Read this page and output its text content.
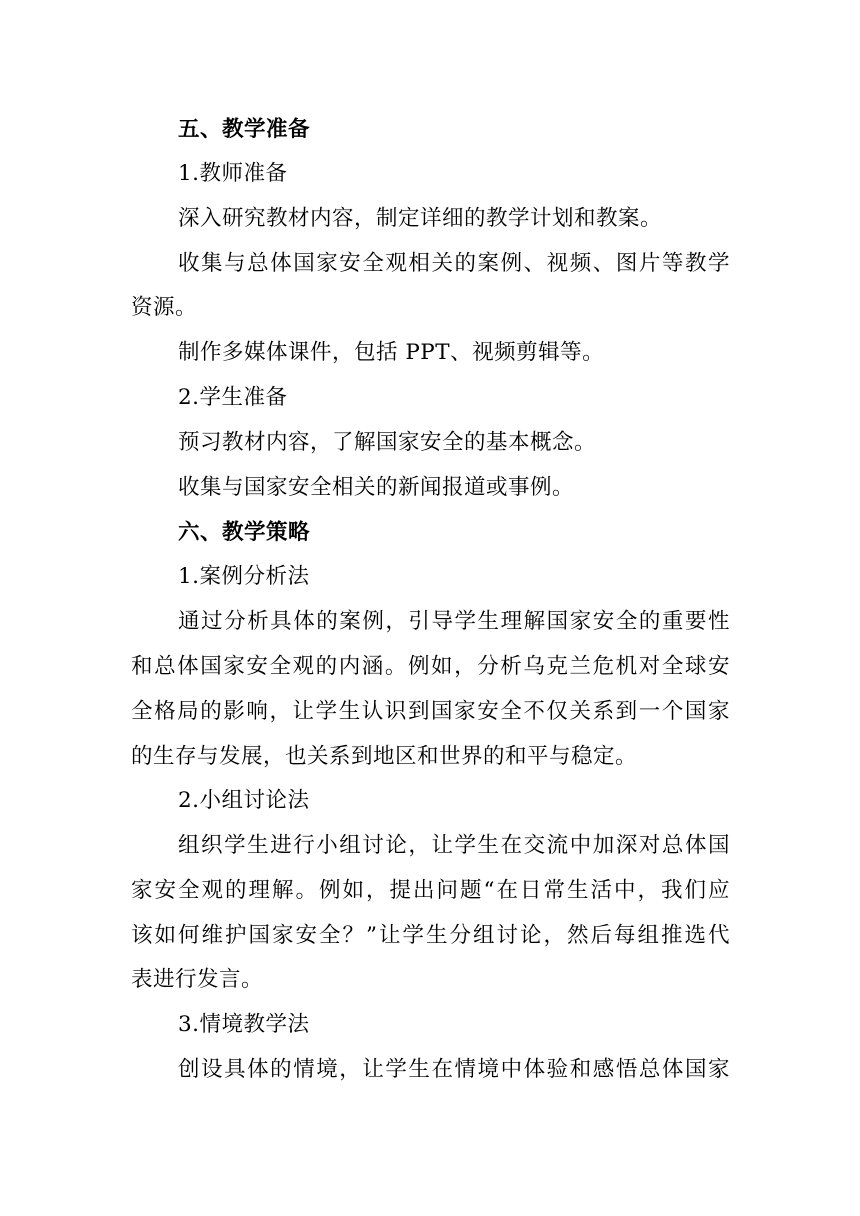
五、教学准备
1.教师准备
深入研究教材内容，制定详细的教学计划和教案。
收集与总体国家安全观相关的案例、视频、图片等教学
资源。
制作多媒体课件，包括 PPT、视频剪辑等。
2.学生准备
预习教材内容，了解国家安全的基本概念。
收集与国家安全相关的新闻报道或事例。
六、教学策略
1.案例分析法
通过分析具体的案例，引导学生理解国家安全的重要性
和总体国家安全观的内涵。例如，分析乌克兰危机对全球安
全格局的影响，让学生认识到国家安全不仅关系到一个国家
的生存与发展，也关系到地区和世界的和平与稳定。
2.小组讨论法
组织学生进行小组讨论，让学生在交流中加深对总体国
家安全观的理解。例如，提出问题“在日常生活中，我们应
该如何维护国家安全？”让学生分组讨论，然后每组推选代
表进行发言。
3.情境教学法
创设具体的情境，让学生在情境中体验和感悟总体国家
